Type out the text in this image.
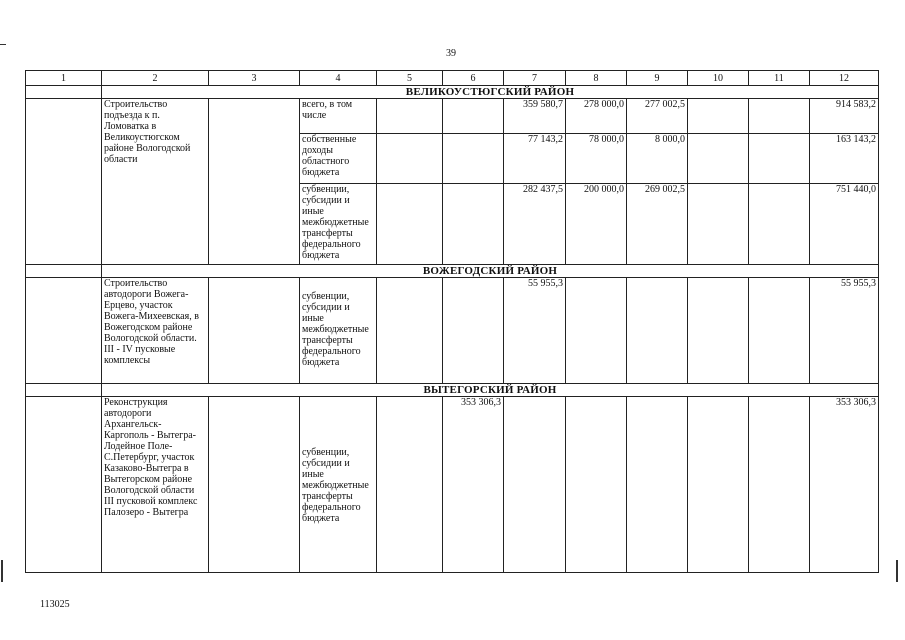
39
1	2	3	4	5	6	7	8	9	10	11	12
	ВЕЛИКОУСТЮГСКИЙ РАЙОН										
	Строительство подъезда к п. Ломоватка в Великоустюгском районе Вологодской области		всего, в том числе			359 580,7	278 000,0	277 002,5			914 583,2
			собственные доходы областного бюджета			77 143,2	78 000,0	8 000,0			163 143,2
			субвенции, субсидии и иные межбюджетные трансферты федерального бюджета			282 437,5	200 000,0	269 002,5			751 440,0
	ВОЖЕГОДСКИЙ РАЙОН										
	Строительство автодороги Вожега-Ерцево, участок Вожега-Михеевская, в Вожегодском районе Вологодской области. III - IV пусковые комплексы		субвенции, субсидии и иные межбюджетные трансферты федерального бюджета			55 955,3					55 955,3
	ВЫТЕГОРСКИЙ РАЙОН										
	Реконструкция автодороги Архангельск-Каргополь - Вытегра-Лодейное Поле-С.Петербург, участок Казаково-Вытегра в Вытегорском районе Вологодской области III пусковой комплекс Палозеро - Вытегра		субвенции, субсидии и иные межбюджетные трансферты федерального бюджета		353 306,3						353 306,3
113025
